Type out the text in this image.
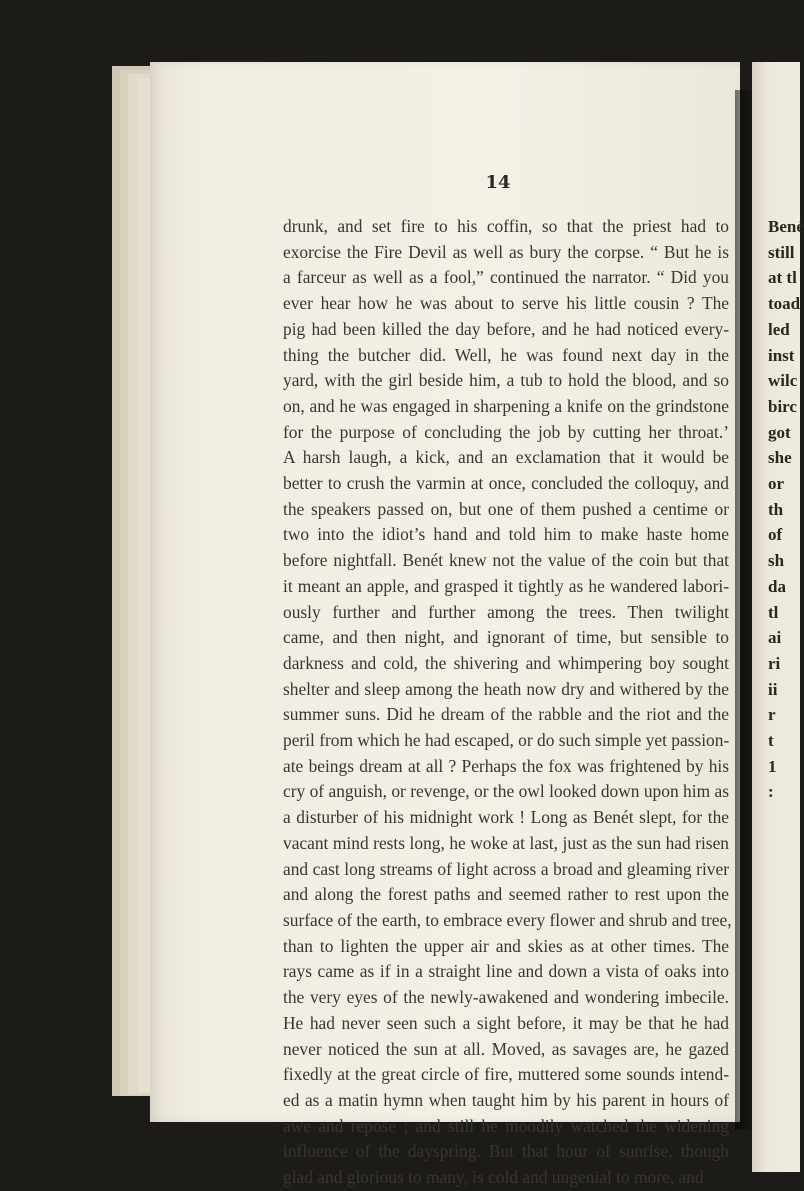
14
drunk, and set fire to his coffin, so that the priest had to
exorcise the Fire Devil as well as bury the corpse. “ But he is
a farceur as well as a fool,” continued the narrator. “ Did you
ever hear how he was about to serve his little cousin ? The
pig had been killed the day before, and he had noticed every-
thing the butcher did. Well, he was found next day in the
yard, with the girl beside him, a tub to hold the blood, and so
on, and he was engaged in sharpening a knife on the grindstone
for the purpose of concluding the job by cutting her throat.’
A harsh laugh, a kick, and an exclamation that it would be
better to crush the varmin at once, concluded the colloquy, and
the speakers passed on, but one of them pushed a centime or
two into the idiot’s hand and told him to make haste home
before nightfall. Benét knew not the value of the coin but that
it meant an apple, and grasped it tightly as he wandered labori-
ously further and further among the trees. Then twilight
came, and then night, and ignorant of time, but sensible to
darkness and cold, the shivering and whimpering boy sought
shelter and sleep among the heath now dry and withered by the
summer suns. Did he dream of the rabble and the riot and the
peril from which he had escaped, or do such simple yet passion-
ate beings dream at all ? Perhaps the fox was frightened by his
cry of anguish, or revenge, or the owl looked down upon him as
a disturber of his midnight work ! Long as Benét slept, for the
vacant mind rests long, he woke at last, just as the sun had risen
and cast long streams of light across a broad and gleaming river
and along the forest paths and seemed rather to rest upon the
surface of the earth, to embrace every flower and shrub and tree,
than to lighten the upper air and skies as at other times. The
rays came as if in a straight line and down a vista of oaks into
the very eyes of the newly-awakened and wondering imbecile.
He had never seen such a sight before, it may be that he had
never noticed the sun at all. Moved, as savages are, he gazed
fixedly at the great circle of fire, muttered some sounds intend-
ed as a matin hymn when taught him by his parent in hours of
awe and repose ; and still he moodily watched the widening
influence of the dayspring. But that hour of sunrise, though
glad and glorious to many, is cold and ungenial to more, and
Bené
still
at tl
toad
led
inst
wilc
birc
got
she
or
th
of
sh
da
tl
ai
ri
ii
r
t
1
:
